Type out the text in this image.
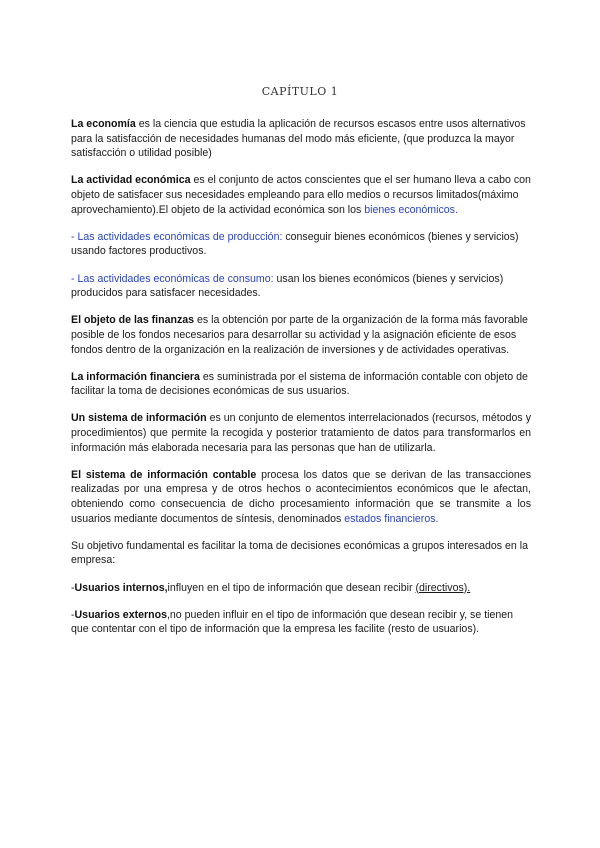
CAPÍTULO 1

La economía es la ciencia que estudia la aplicación de recursos escasos entre usos alternativos para la satisfacción de necesidades humanas del modo más eficiente, (que produzca la mayor satisfacción o utilidad posible)

La actividad económica es el conjunto de actos conscientes que el ser humano lleva a cabo con objeto de satisfacer sus necesidades empleando para ello medios o recursos limitados(máximo aprovechamiento).El objeto de la actividad económica son los bienes económicos.

- Las actividades económicas de producción: conseguir bienes económicos (bienes y servicios) usando factores productivos.

- Las actividades económicas de consumo: usan los bienes económicos (bienes y servicios) producidos para satisfacer necesidades.

El objeto de las finanzas es la obtención por parte de la organización de la forma más favorable posible de los fondos necesarios para desarrollar su actividad y la asignación eficiente de esos fondos dentro de la organización en la realización de inversiones y de actividades operativas.

La información financiera es suministrada por el sistema de información contable con objeto de facilitar la toma de decisiones económicas de sus usuarios.

Un sistema de información es un conjunto de elementos interrelacionados (recursos, métodos y procedimientos) que permite la recogida y posterior tratamiento de datos para transformarlos en información más elaborada necesaria para las personas que han de utilizarla.

El sistema de información contable procesa los datos que se derivan de las transacciones realizadas por una empresa y de otros hechos o acontecimientos económicos que le afectan, obteniendo como consecuencia de dicho procesamiento información que se transmite a los usuarios mediante documentos de síntesis, denominados estados financieros.

Su objetivo fundamental es facilitar la toma de decisiones económicas a grupos interesados en la empresa:

-Usuarios internos,influyen en el tipo de información que desean recibir (directivos).

-Usuarios externos,no pueden influir en el tipo de información que desean recibir y, se tienen que contentar con el tipo de información que la empresa les facilite (resto de usuarios).
